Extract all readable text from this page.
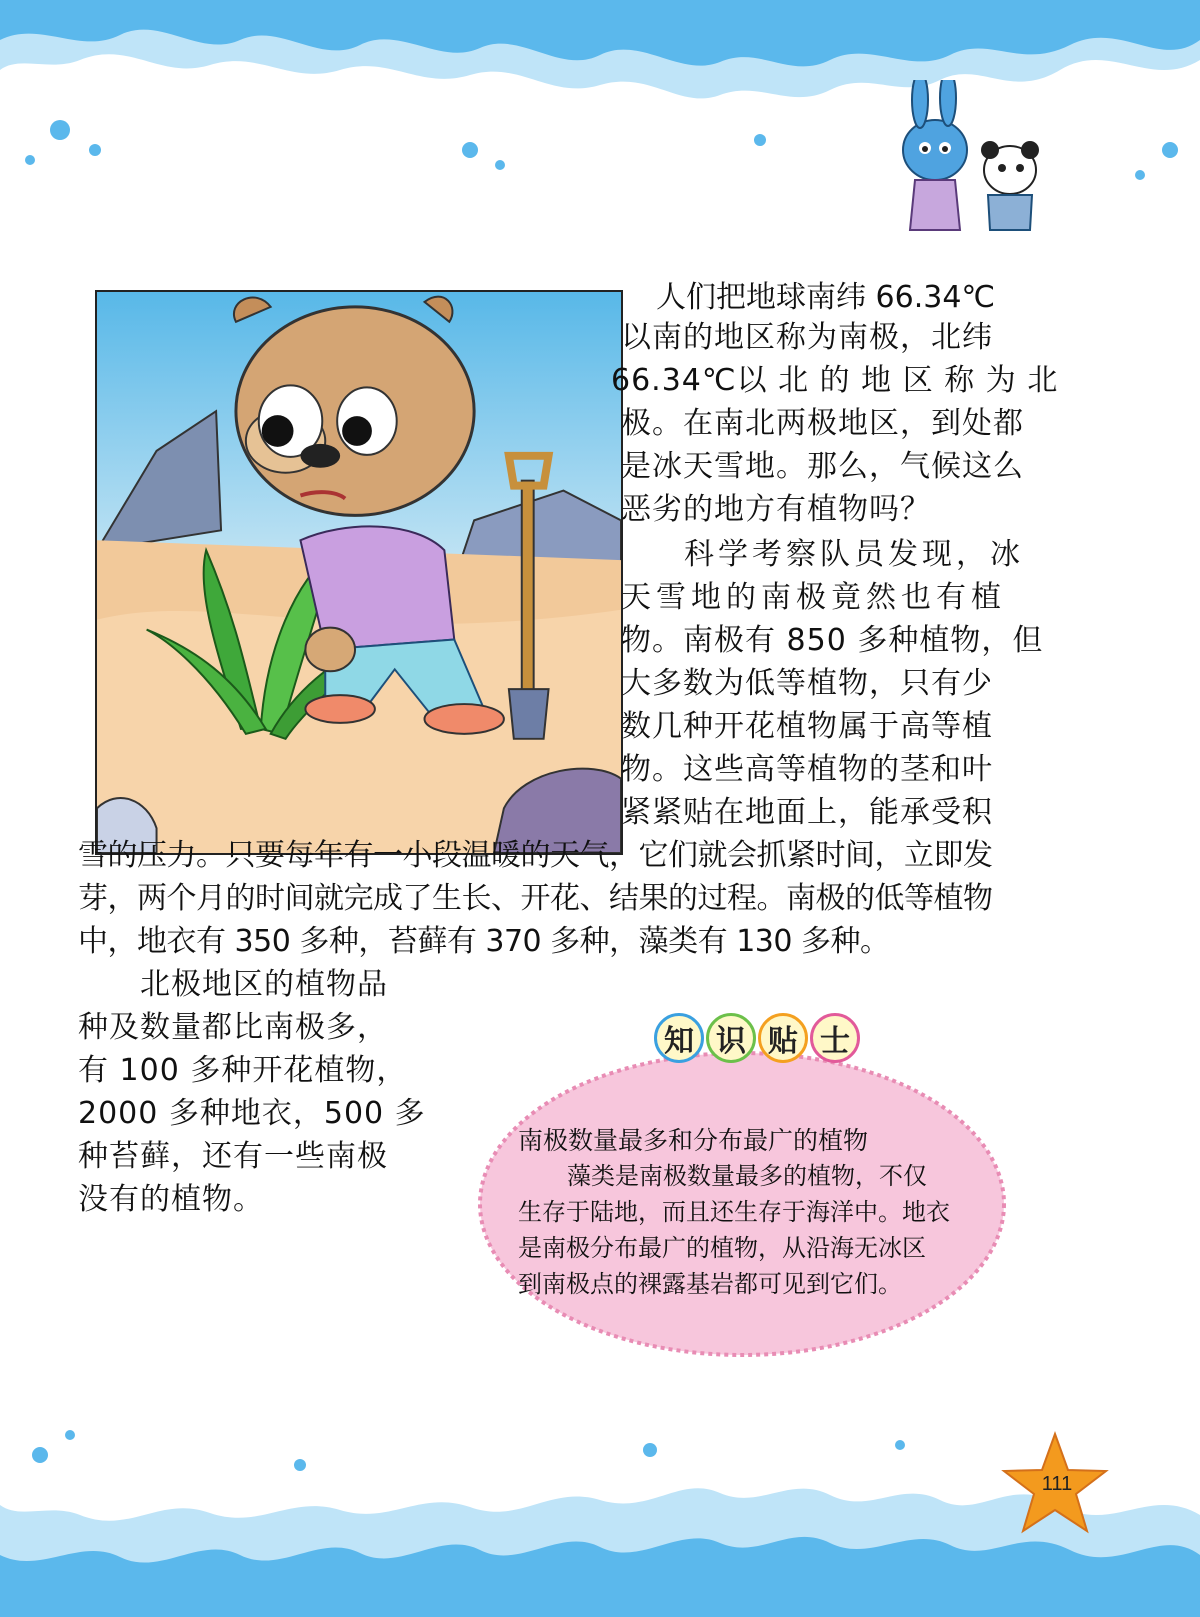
人们把地球南纬 66.34℃
以南的地区称为南极，北纬
66.34℃以 北 的 地 区 称 为 北
极。在南北两极地区，到处都
是冰天雪地。那么，气候这么
恶劣的地方有植物吗？
科学考察队员发现，冰
天雪地的南极竟然也有植
物。南极有 850 多种植物，但
大多数为低等植物，只有少
数几种开花植物属于高等植
物。这些高等植物的茎和叶
紧紧贴在地面上，能承受积
雪的压力。只要每年有一小段温暖的天气，它们就会抓紧时间，立即发
芽，两个月的时间就完成了生长、开花、结果的过程。南极的低等植物
中，地衣有 350 多种，苔藓有 370 多种，藻类有 130 多种。
北极地区的植物品
种及数量都比南极多，
有 100 多种开花植物，
2000 多种地衣，500 多
种苔藓，还有一些南极
没有的植物。
知 识 贴 士
南极数量最多和分布最广的植物
藻类是南极数量最多的植物，不仅
生存于陆地，而且还生存于海洋中。地衣
是南极分布最广的植物，从沿海无冰区
到南极点的裸露基岩都可见到它们。
111
